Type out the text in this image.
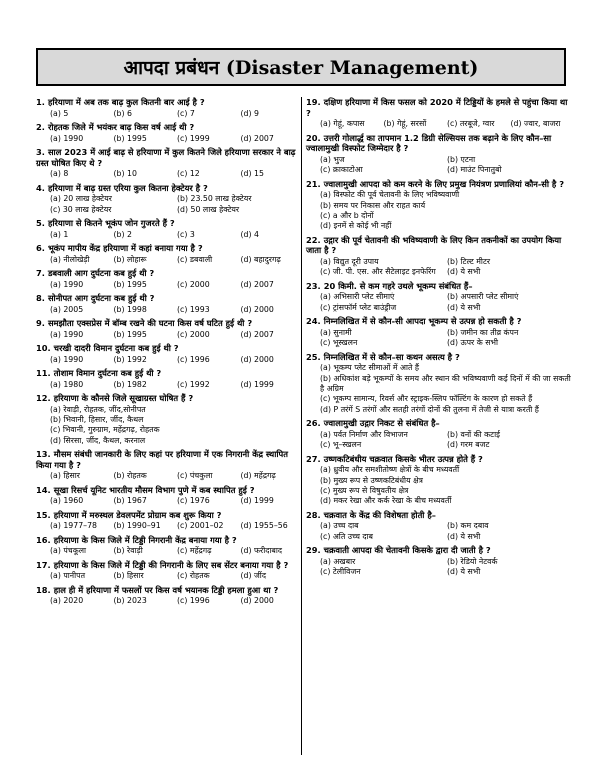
आपदा प्रबंधन (Disaster Management)

1. हरियाणा में अब तक बाढ़ कुल कितनी बार आई है ?

(a) 5	(b) 6	(c) 7	(d) 9

2. रोहतक जिले में भयंकर बाढ़ किस वर्ष आई थी ?

(a) 1990	(b) 1995	(c) 1999	(d) 2007

3. साल 2023 में आई बाढ़ से हरियाणा में कुल कितने जिले हरियाणा सरकार ने बाढ़ ग्रस्त घोषित किए थे ?

(a) 8	(b) 10	(c) 12	(d) 15

4. हरियाणा में बाढ़ ग्रस्त एरिया कुल कितना हेक्टेयर है ?

(a) 20 लाख हेक्टेयर	(b) 23.50 लाख हेक्टेयर
(c) 30 लाख हेक्टेयर	(d) 50 लाख हेक्टेयर

5. हरियाणा से कितने भूकंप जोन गुजरते हैं ?

(a) 1	(b) 2	(c) 3	(d) 4

6. भूकंप मापीय केंद्र हरियाणा में कहां बनाया गया है ?

(a) नीलोखेड़ी	(b) लोहारू	(c) डबवाली	(d) बहादुरगढ़

7. डबवाली आग दुर्घटना कब हुई थी ?

(a) 1990	(b) 1995	(c) 2000	(d) 2007

8. सोनीपत आग दुर्घटना कब हुई थी ?

(a) 2005	(b) 1998	(c) 1993	(d) 2000

9. समझौता एक्सप्रेस में बॉम्ब रखने की घटना किस वर्ष घटित हुई थी ?

(a) 1990	(b) 1995	(c) 2000	(d) 2007

10. चरखी दादरी विमान दुर्घटना कब हुई थी ?

(a) 1990	(b) 1992	(c) 1996	(d) 2000

11. तोशाम विमान दुर्घटना कब हुई थी ?

(a) 1980	(b) 1982	(c) 1992	(d) 1999

12. हरियाणा के कौनसे जिले सूखाग्रस्त घोषित हैं ?

(a) रेवाड़ी, रोहतक, जींद,सोनीपत
(b) भिवानी, हिसार, जींद, कैथल
(c) भिवानी, गुरुग्राम, महेंद्रगढ़, रोहतक
(d) सिरसा, जींद, कैथल, करनाल

13. मौसम संबंधी जानकारी के लिए कहां पर हरियाणा में एक निगरानी केंद्र स्थापित किया गया है ?

(a) हिसार	(b) रोहतक	(c) पंचकुला	(d) महेंद्रगढ़

14. सूखा रिसर्च यूनिट भारतीय मौसम विभाग पुणे में कब स्थापित हुई ?

(a) 1960	(b) 1967	(c) 1976	(d) 1999

15. हरियाणा में मरुस्थल डेवलपमेंट प्रोग्राम कब शुरू किया ?

(a) 1977–78	(b) 1990–91	(c) 2001–02	(d) 1955–56

16. हरियाणा के किस जिले में टिड्डी निगरानी केंद्र बनाया गया है ?

(a) पंचकूला	(b) रेवाड़ी	(c) महेंद्रगढ़	(d) फरीदाबाद

17. हरियाणा के किस जिले में टिड्डी की निगरानी के लिए सब सेंटर बनाया गया है ?

(a) पानीपत	(b) हिसार	(c) रोहतक	(d) जींद

18. हाल ही में हरियाणा में फसलों पर किस वर्ष भयानक टिड्डी हमला हुआ था ?

(a) 2020	(b) 2023	(c) 1996	(d) 2000

19. दक्षिण हरियाणा में किस फसल को 2020 में टिड्डियों के हमले से पहुंचा किया था ?

(a) गेहूं, कपास	(b) गेहूं, सरसों	(c) तरबूजे, ग्वार	(d) ज्वार, बाजरा

20. उत्तरी गोलार्द्ध का तापमान 1.2 डिग्री सेल्सियस तक बढ़ाने के लिए कौन–सा ज्वालामुखी विस्फोट जिम्मेदार है ?

(a) भुज	(b) एटना
(c) क्राकाटोआ	(d) माउंट पिनातुबो

21. ज्वालामुखी आपदा को कम करने के लिए प्रमुख नियंत्रण प्रणालियां कौन-सी है ?

(a) विस्फोट की पूर्व चेतावनी के लिए भविष्यवाणी
(b) समय पर निकास और राहत कार्य
(c) a और b दोनों
(d) इनमें से कोई भी नहीं

22. उद्गार की पूर्व चेतावनी की भविष्यवाणी के लिए किन तकनीकों का उपयोग किया जाता है ?

(a) विद्युत दूरी उपाय	(b) टिल्ट मीटर
(c) जी. पी. एस. और सैटेलाइट इनफेरिंग	(d) ये सभी

23. 20 किमी. से कम गहरे उथले भूकम्प संबंधित हैं–

(a) अभिसारी प्लेट सीमाएं	(b) अपसारी प्लेट सीमाएं
(c) ट्रांसफॉर्म प्लेट बाउंड्रीज	(d) ये सभी

24. निम्नलिखित में से कौन-सी आपदा भूकम्प से उत्पन्न हो सकती है ?

(a) सुनामी	(b) जमीन का तीव्र कंपन
(c) भूस्खलन	(d) ऊपर के सभी

25. निम्नलिखित में से कौन–सा कथन असत्य है ?

(a) भूकम्प प्लेट सीमाओं में आते हैं
(b) अधिकांश बड़े भूकम्पों के समय और स्थान की भविष्यवाणी कई दिनों में की जा सकती है अग्रिम
(c) भूकम्प सामान्य, रिवर्स और स्ट्राइक-स्लिप फॉल्टिंग के कारण हो सकते हैं
(d) P तरंगें S तरंगों और सतही तरंगों दोनों की तुलना में तेजी से यात्रा करती हैं

26. ज्वालामुखी उद्गार निकट से संबंधित है–

(a) पर्वत निर्माण और विभाजन	(b) वनों की कटाई
(c) भू–स्खलन	(d) गरम बजट

27. उष्णकटिबंधीय चक्रवात किसके भीतर उत्पन्न होते हैं ?

(a) ध्रुवीय और समशीतोष्ण क्षेत्रों के बीच मध्यवर्ती
(b) मुख्य रूप से उष्णकटिबंधीय क्षेत्र
(c) मुख्य रूप से विषुवतीय क्षेत्र
(d) मकर रेखा और कर्क रेखा के बीच मध्यवर्ती

28. चक्रवात के केंद्र की विशेषता होती है–

(a) उच्च दाब	(b) कम दबाव
(c) अति उच्च दाब	(d) ये सभी

29. चक्रवाती आपदा की चेतावनी किसके द्वारा दी जाती है ?

(a) अखबार	(b) रेडियो नेटवर्क
(c) टेलीविजन	(d) ये सभी
